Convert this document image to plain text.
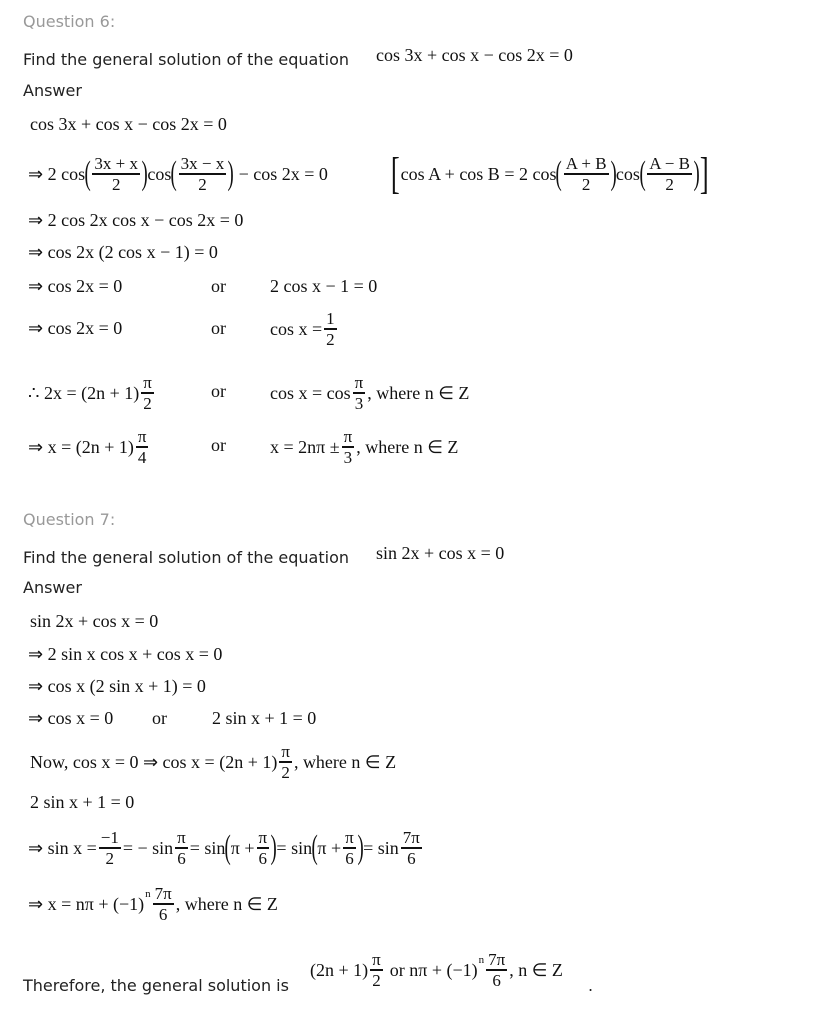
Question 6:
Find the general solution of the equation cos 3x + cos x − cos 2x = 0
Answer
cos 3x + cos x − cos 2x = 0
⇒ 2 cos ( $\frac{3x + x}{2}$ ) cos ( $\frac{3x - x}{2}$ ) − cos 2x = 0 [ cos A + cos B = 2 cos ( $\frac{A + B}{2}$ ) cos ( $\frac{A - B}{2}$ ) ]
⇒ 2 cos 2x cos x − cos 2x = 0
⇒ cos 2x (2 cos x − 1) = 0
⇒ cos 2x = 0	or 2 cos x − 1 = 0
⇒ cos 2x = 0	or $\cos x = \frac{1}{2}$
∴ $2x = (2n + 1) \frac{\pi}{2}$	or $\cos x = \cos \frac{\pi}{3}$ , where n ∈ Z
⇒ $x = (2n + 1) \frac{\pi}{4}$	or $x = 2n\pi \pm \frac{\pi}{3}$ , where n ∈ Z
Question 7:
Find the general solution of the equation sin 2x + cos x = 0
Answer
sin 2x + cos x = 0
⇒ 2 sin x cos x + cos x = 0
⇒ cos x (2 sin x + 1) = 0
⇒ cos x = 0 or	2 sin x + 1 = 0
Now, cos x = 0 ⇒ $\cos x = (2n + 1) \frac{\pi}{2}$ , where n ∈ Z
2 sin x + 1 = 0
⇒ $\sin x = \frac{-1}{2}$ = − $\sin \frac{\pi}{6} = \sin$ ( $\pi + \frac{\pi}{6}$ ) = sin ( $\pi + \frac{\pi}{6}$ ) = $\sin \frac{7\pi}{6}$
⇒ x = nπ + (−1) n $\frac{7\pi}{6}$ , where n ∈ Z
Therefore, the general solution is
$(2n + 1) \frac{\pi}{2}$ or nπ + (−1) n $\frac{7\pi}{6}$ , n ∈ Z
.
